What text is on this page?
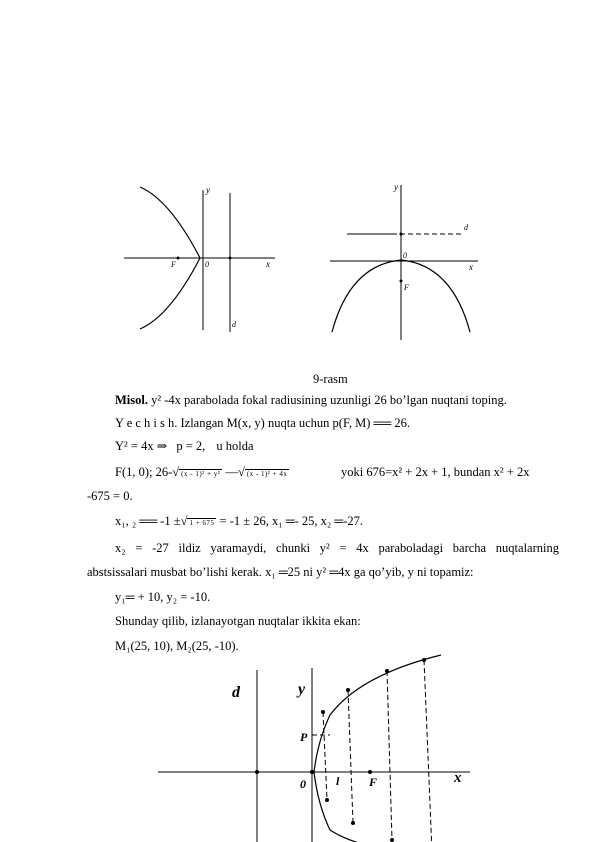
y
x
0
F
d
y
x
0
F
d
9-rasm
Misol. y² -4x parabolada fokal radiusining uzunligi 26 bo’lgan nuqtani toping.
Y e c h i s h. Izlangan M(x, y) nuqta uchun p(F, M) ══ 26.
Y² = 4x ⇒ p = 2, u holda
F(1, 0); 26-√ (x - 1)² + y² —√ (x - 1)² + 4x	yoki 676=x² + 2x + 1, bundan x² + 2x
-675 = 0.
x₁, ₂ ══ -1 ±√ 1 + 675 = -1 ± 26, x₁ ═- 25, x₂ ═-27.
x₂ = -27 ildiz yaramaydi, chunki y² = 4x paraboladagi barcha nuqtalarning
abstsissalari musbat bo’lishi kerak. x₁ ═25 ni y² ═4x ga qo’yib, y ni topamiz:
y₁═ + 10, y₂ = -10.
Shunday qilib, izlanayotgan nuqtalar ikkita ekan:
M₁(25, 10), M₂(25, -10).
d	y
x
0	l F
P
